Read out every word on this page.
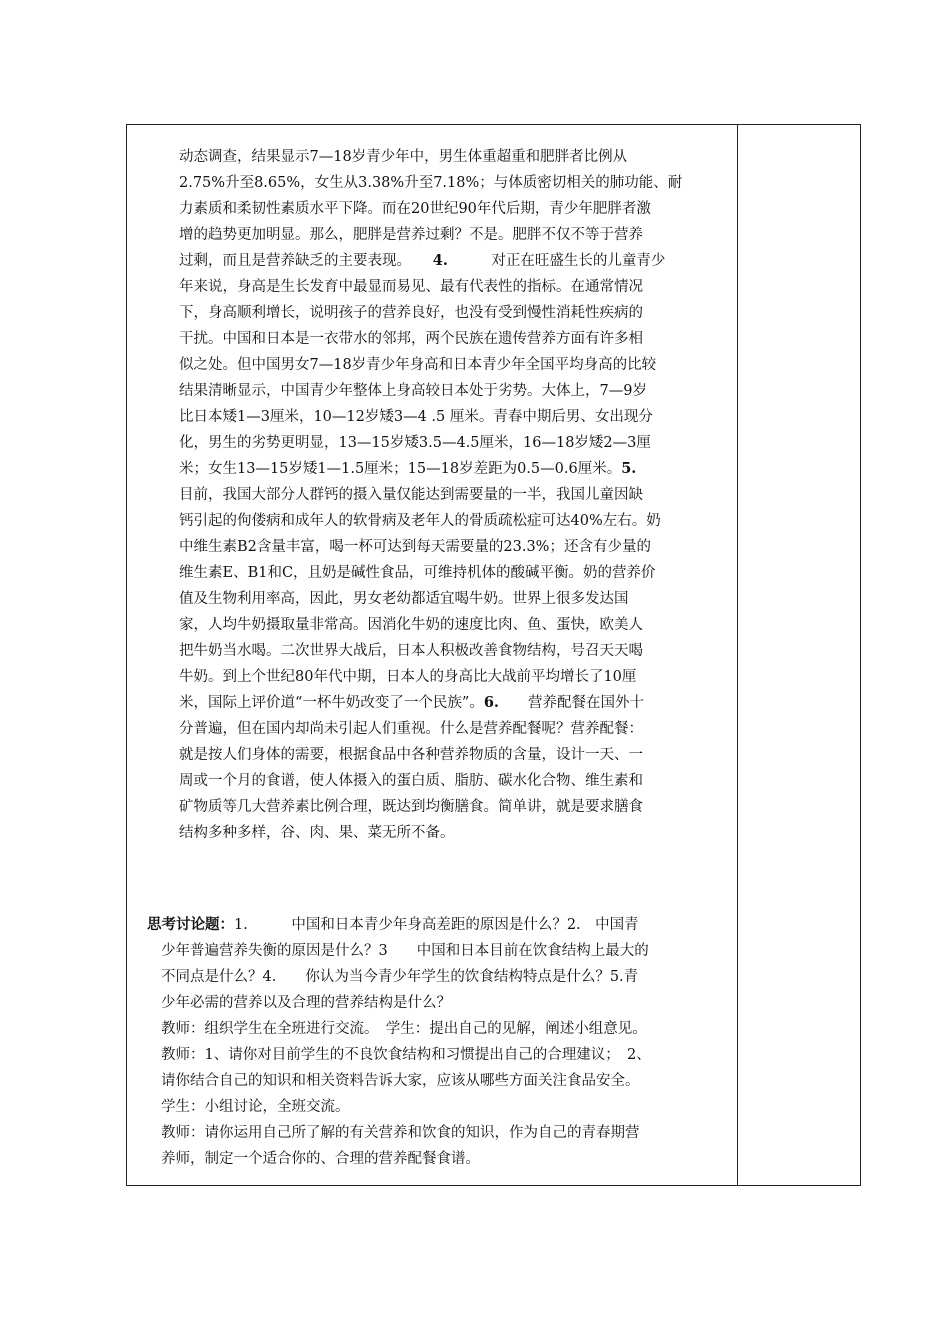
动态调查，结果显示7—18岁青少年中，男生体重超重和肥胖者比例从
2.75%升至8.65%，女生从3.38%升至7.18%；与体质密切相关的肺功能、耐
力素质和柔韧性素质水平下降。而在20世纪90年代后期，青少年肥胖者激
增的趋势更加明显。那么，肥胖是营养过剩？不是。肥胖不仅不等于营养
过剩，而且是营养缺乏的主要表现。　　 4.　　　	对正在旺盛生长的儿童青少
年来说，身高是生长发育中最显而易见、最有代表性的指标。在通常情况
下，身高顺利增长，说明孩子的营养良好，也没有受到慢性消耗性疾病的
干扰。中国和日本是一衣带水的邻邦，两个民族在遗传营养方面有许多相
似之处。但中国男女7—18岁青少年身高和日本青少年全国平均身高的比较
结果清晰显示，中国青少年整体上身高较日本处于劣势。大体上，7—9岁
比日本矮1—3厘米，10—12岁矮3—4 .5 厘米。青春中期后男、女出现分
化，男生的劣势更明显，13—15岁矮3.5—4.5厘米，16—18岁矮2—3厘
米；女生13—15岁矮1—1.5厘米；15—18岁差距为0.5—0.6厘米。5.
目前，我国大部分人群钙的摄入量仅能达到需要量的一半，我国儿童因缺
钙引起的佝偻病和成年人的软骨病及老年人的骨质疏松症可达40%左右。奶
中维生素B2含量丰富，喝一杯可达到每天需要量的23.3%；还含有少量的
维生素E、B1和C，且奶是碱性食品，可维持机体的酸碱平衡。奶的营养价
值及生物利用率高，因此，男女老幼都适宜喝牛奶。世界上很多发达国
家，人均牛奶摄取量非常高。因消化牛奶的速度比肉、鱼、蛋快，欧美人
把牛奶当水喝。二次世界大战后，日本人积极改善食物结构，号召天天喝
牛奶。到上个世纪80年代中期，日本人的身高比大战前平均增长了10厘
米，国际上评价道“一杯牛奶改变了一个民族”。6.　　 营养配餐在国外十
分普遍，但在国内却尚未引起人们重视。什么是营养配餐呢？营养配餐：
就是按人们身体的需要，根据食品中各种营养物质的含量，设计一天、一
周或一个月的食谱，使人体摄入的蛋白质、脂肪、碳水化合物、维生素和
矿物质等几大营养素比例合理，既达到均衡膳食。简单讲，就是要求膳食
结构多种多样，谷、肉、果、菜无所不备。
思考讨论题：1.　　　中国和日本青少年身高差距的原因是什么？2.　中国青
少年普遍营养失衡的原因是什么？3　　中国和日本目前在饮食结构上最大的
不同点是什么？4.　　你认为当今青少年学生的饮食结构特点是什么？5.青
少年必需的营养以及合理的营养结构是什么？
教师：组织学生在全班进行交流。　学生：提出自己的见解，阐述小组意见。
教师：1、请你对目前学生的不良饮食结构和习惯提出自己的合理建议；　2、
请你结合自己的知识和相关资料告诉大家，应该从哪些方面关注食品安全。
学生：小组讨论，全班交流。
教师：请你运用自己所了解的有关营养和饮食的知识，作为自己的青春期营
养师，制定一个适合你的、合理的营养配餐食谱。
